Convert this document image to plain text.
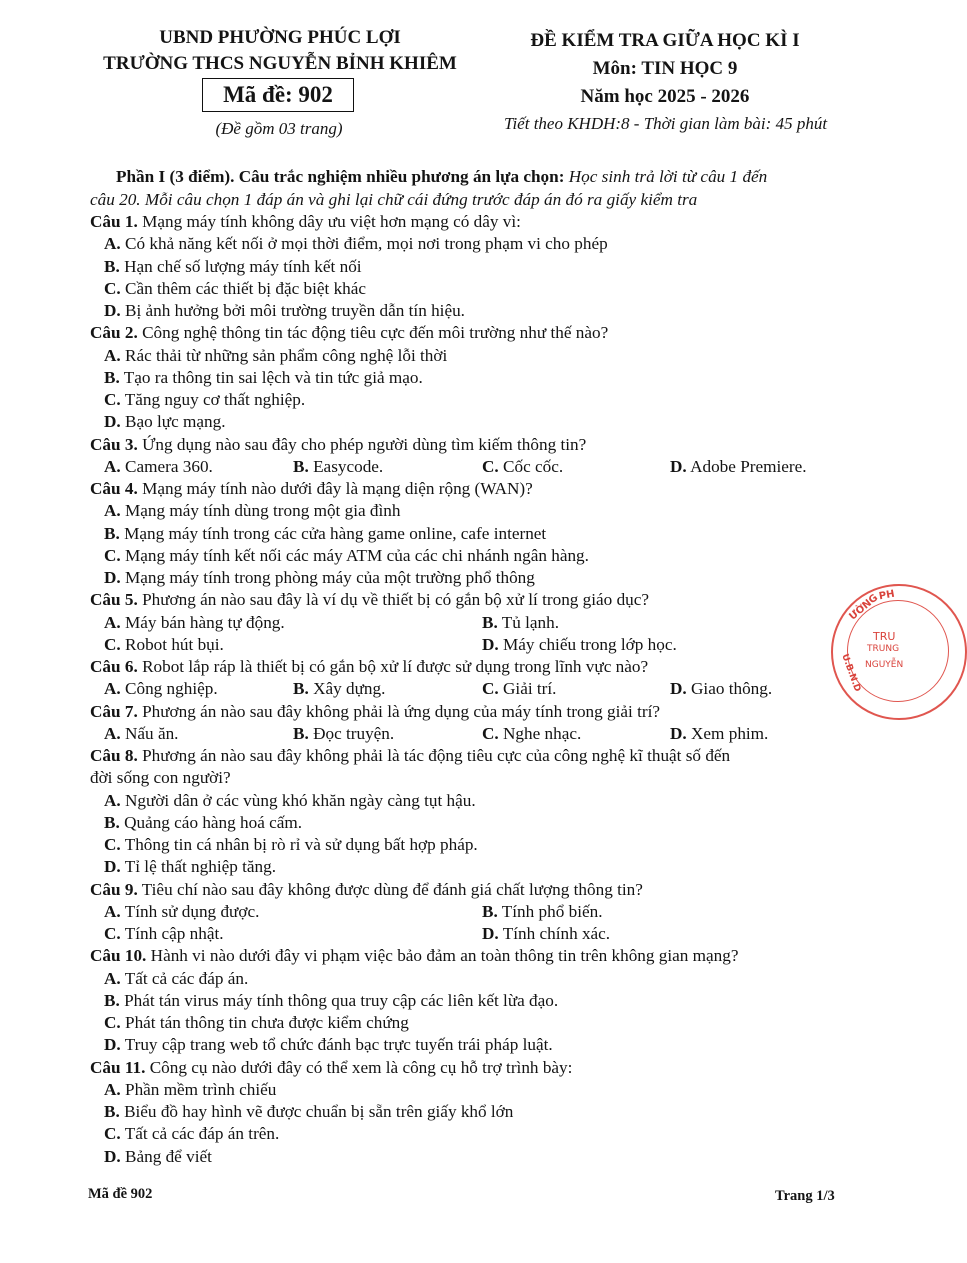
UBND PHƯỜNG PHÚC LỢI
TRƯỜNG THCS NGUYỄN BỈNH KHIÊM
Mã đề: 902
(Đề gồm 03 trang)
ĐỀ KIỂM TRA GIỮA HỌC KÌ I
Môn: TIN HỌC 9
Năm học 2025 - 2026
Tiết theo KHDH:8 - Thời gian làm bài: 45 phút
Phần I (3 điểm). Câu trắc nghiệm nhiều phương án lựa chọn: Học sinh trả lời từ câu 1 đến
câu 20. Mỗi câu chọn 1 đáp án và ghi lại chữ cái đứng trước đáp án đó ra giấy kiểm tra
Câu 1. Mạng máy tính không dây ưu việt hơn mạng có dây vì:
A. Có khả năng kết nối ở mọi thời điểm, mọi nơi trong phạm vi cho phép
B. Hạn chế số lượng máy tính kết nối
C. Cần thêm các thiết bị đặc biệt khác
D. Bị ảnh hưởng bởi môi trường truyền dẫn tín hiệu.
Câu 2. Công nghệ thông tin tác động tiêu cực đến môi trường như thế nào?
A. Rác thải từ những sản phẩm công nghệ lỗi thời
B. Tạo ra thông tin sai lệch và tin tức giả mạo.
C. Tăng nguy cơ thất nghiệp.
D. Bạo lực mạng.
Câu 3. Ứng dụng nào sau đây cho phép người dùng tìm kiếm thông tin?
A. Camera 360.	B. Easycode.	C. Cốc cốc.	D. Adobe Premiere.
Câu 4. Mạng máy tính nào dưới đây là mạng diện rộng (WAN)?
A. Mạng máy tính dùng trong một gia đình
B. Mạng máy tính trong các cửa hàng game online, cafe internet
C. Mạng máy tính kết nối các máy ATM của các chi nhánh ngân hàng.
D. Mạng máy tính trong phòng máy của một trường phổ thông
Câu 5. Phương án nào sau đây là ví dụ về thiết bị có gắn bộ xử lí trong giáo dục?
A. Máy bán hàng tự động.	B. Tủ lạnh.
C. Robot hút bụi.	D. Máy chiếu trong lớp học.
Câu 6. Robot lắp ráp là thiết bị có gắn bộ xử lí được sử dụng trong lĩnh vực nào?
A. Công nghiệp.	B. Xây dựng.	C. Giải trí.	D. Giao thông.
Câu 7. Phương án nào sau đây không phải là ứng dụng của máy tính trong giải trí?
A. Nấu ăn.	B. Đọc truyện.	C. Nghe nhạc.	D. Xem phim.
Câu 8. Phương án nào sau đây không phải là tác động tiêu cực của công nghệ kĩ thuật số đến
đời sống con người?
A. Người dân ở các vùng khó khăn ngày càng tụt hậu.
B. Quảng cáo hàng hoá cấm.
C. Thông tin cá nhân bị rò rỉ và sử dụng bất hợp pháp.
D. Tỉ lệ thất nghiệp tăng.
Câu 9. Tiêu chí nào sau đây không được dùng để đánh giá chất lượng thông tin?
A. Tính sử dụng được.	B. Tính phổ biến.
C. Tính cập nhật.	D. Tính chính xác.
Câu 10. Hành vi nào dưới đây vi phạm việc bảo đảm an toàn thông tin trên không gian mạng?
A. Tất cả các đáp án.
B. Phát tán virus máy tính thông qua truy cập các liên kết lừa đạo.
C. Phát tán thông tin chưa được kiểm chứng
D. Truy cập trang web tổ chức đánh bạc trực tuyến trái pháp luật.
Câu 11. Công cụ nào dưới đây có thể xem là công cụ hỗ trợ trình bày:
A. Phần mềm trình chiếu
B. Biểu đồ hay hình vẽ được chuẩn bị sẵn trên giấy khổ lớn
C. Tất cả các đáp án trên.
D. Bảng để viết
ƯỜNG
PH
TRU
TRUNG
NGUYỄN
U.B.N.D
Mã đề 902	Trang 1/3
